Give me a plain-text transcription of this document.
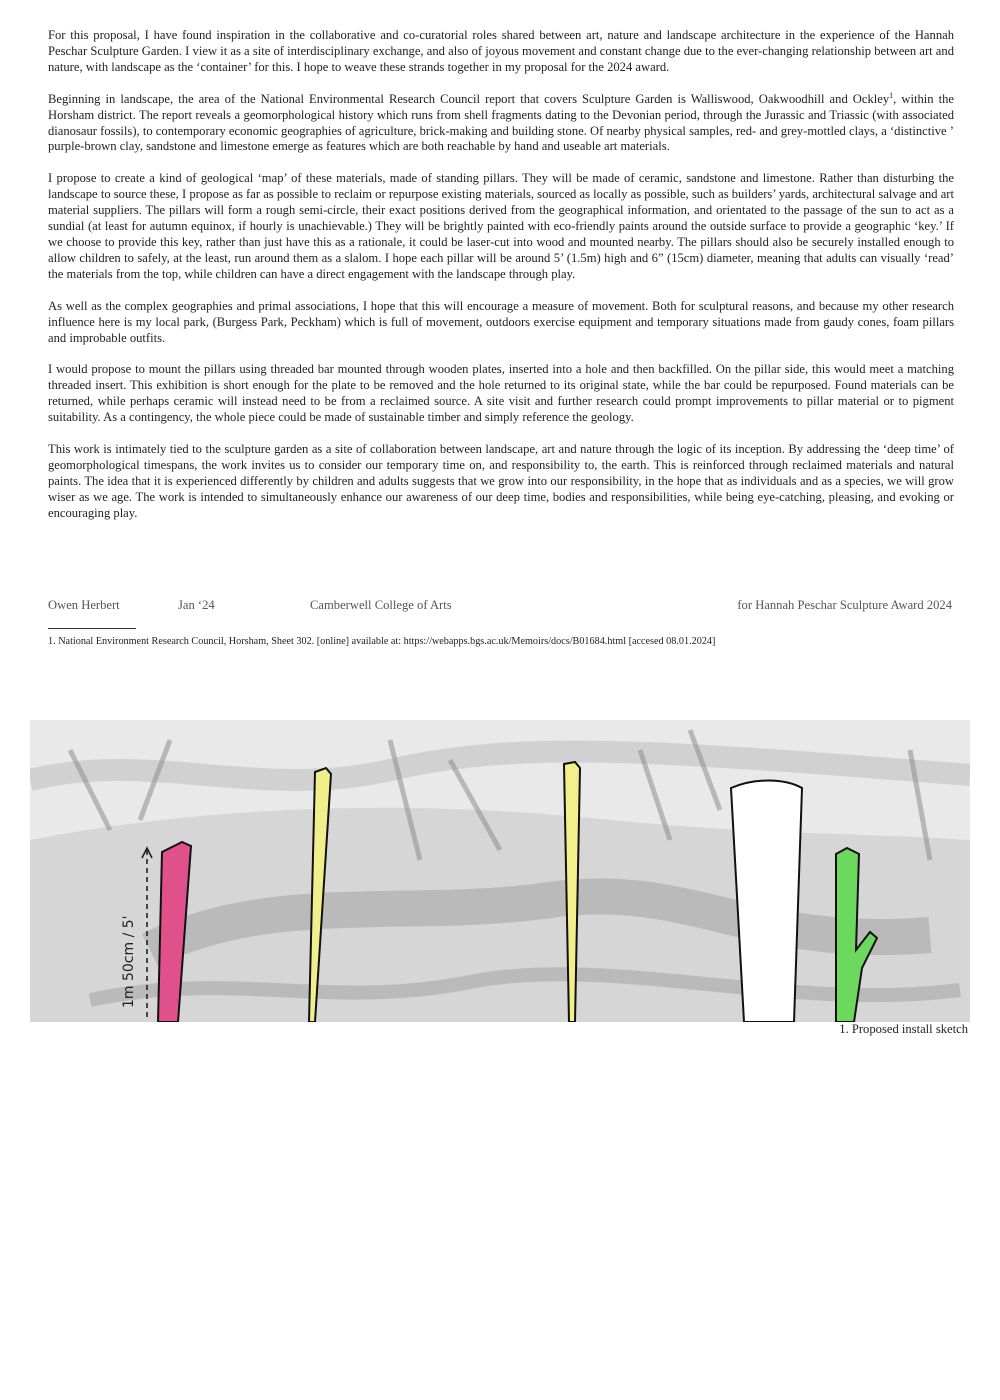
For this proposal, I have found inspiration in the collaborative and co-curatorial roles shared between art, nature and landscape architecture in the experience of the Hannah Peschar Sculpture Garden. I view it as a site of interdisciplinary exchange, and also of joyous movement and constant change due to the ever-changing relationship between art and nature, with landscape as the ‘container’ for this. I hope to weave these strands together in my proposal for the 2024 award.

Beginning in landscape, the area of the National Environmental Research Council report that covers Sculpture Garden is Walliswood, Oakwoodhill and Ockley$^1$, within the Horsham district. The report reveals a geomorphological history which runs from shell fragments dating to the Devonian period, through the Jurassic and Triassic (with associated dianosaur fossils), to contemporary economic geographies of agriculture, brick-making and building stone. Of nearby physical samples, red- and grey-mottled clays, a ‘distinctive ’ purple-brown clay, sandstone and limestone emerge as features which are both reachable by hand and useable art materials.

I propose to create a kind of geological ‘map’ of these materials, made of standing pillars. They will be made of ceramic, sandstone and limestone. Rather than disturbing the landscape to source these, I propose as far as possible to reclaim or repurpose existing materials, sourced as locally as possible, such as builders’ yards, architectural salvage and art material suppliers. The pillars will form a rough semi-circle, their exact positions derived from the geographical information, and orientated to the passage of the sun to act as a sundial (at least for autumn equinox, if hourly is unachievable.) They will be brightly painted with eco-friendly paints around the outside surface to provide a geographic ‘key.’ If we choose to provide this key, rather than just have this as a rationale, it could be laser-cut into wood and mounted nearby. The pillars should also be securely installed enough to allow children to safely, at the least, run around them as a slalom. I hope each pillar will be around 5’ (1.5m) high and 6” (15cm) diameter, meaning that adults can visually ‘read’ the materials from the top, while children can have a direct engagement with the landscape through play.

As well as the complex geographies and primal associations, I hope that this will encourage a measure of movement. Both for sculptural reasons, and because my other research influence here is my local park, (Burgess Park, Peckham) which is full of movement, outdoors exercise equipment and temporary situations made from gaudy cones, foam pillars and improbable outfits.

I would propose to mount the pillars using threaded bar mounted through wooden plates, inserted into a hole and then backfilled. On the pillar side, this would meet a matching threaded insert. This exhibition is short enough for the plate to be removed and the hole returned to its original state, while the bar could be repurposed. Found materials can be returned, while perhaps ceramic will instead need to be from a reclaimed source. A site visit and further research could prompt improvements to pillar material or to pigment suitability. As a contingency, the whole piece could be made of sustainable timber and simply reference the geology.

This work is intimately tied to the sculpture garden as a site of collaboration between landscape, art and nature through the logic of its inception. By addressing the ‘deep time’ of geomorphological timespans, the work invites us to consider our temporary time on, and responsibility to, the earth. This is reinforced through reclaimed materials and natural paints. The idea that it is experienced differently by children and adults suggests that we grow into our responsibility, in the hope that as individuals and as a species, we will grow wiser as we age. The work is intended to simultaneously enhance our awareness of our deep time, bodies and responsibilities, while being eye-catching, pleasing, and evoking or encouraging play.

Owen Herbert	Jan ‘24	Camberwell College of Arts	for Hannah Peschar Sculpture Award 2024
1. National Environment Research Council, Horsham, Sheet 302. [online] available at: https://webapps.bgs.ac.uk/Memoirs/docs/B01684.html [accesed 08.01.2024]
1m 50cm / 5'
1. Proposed install sketch
